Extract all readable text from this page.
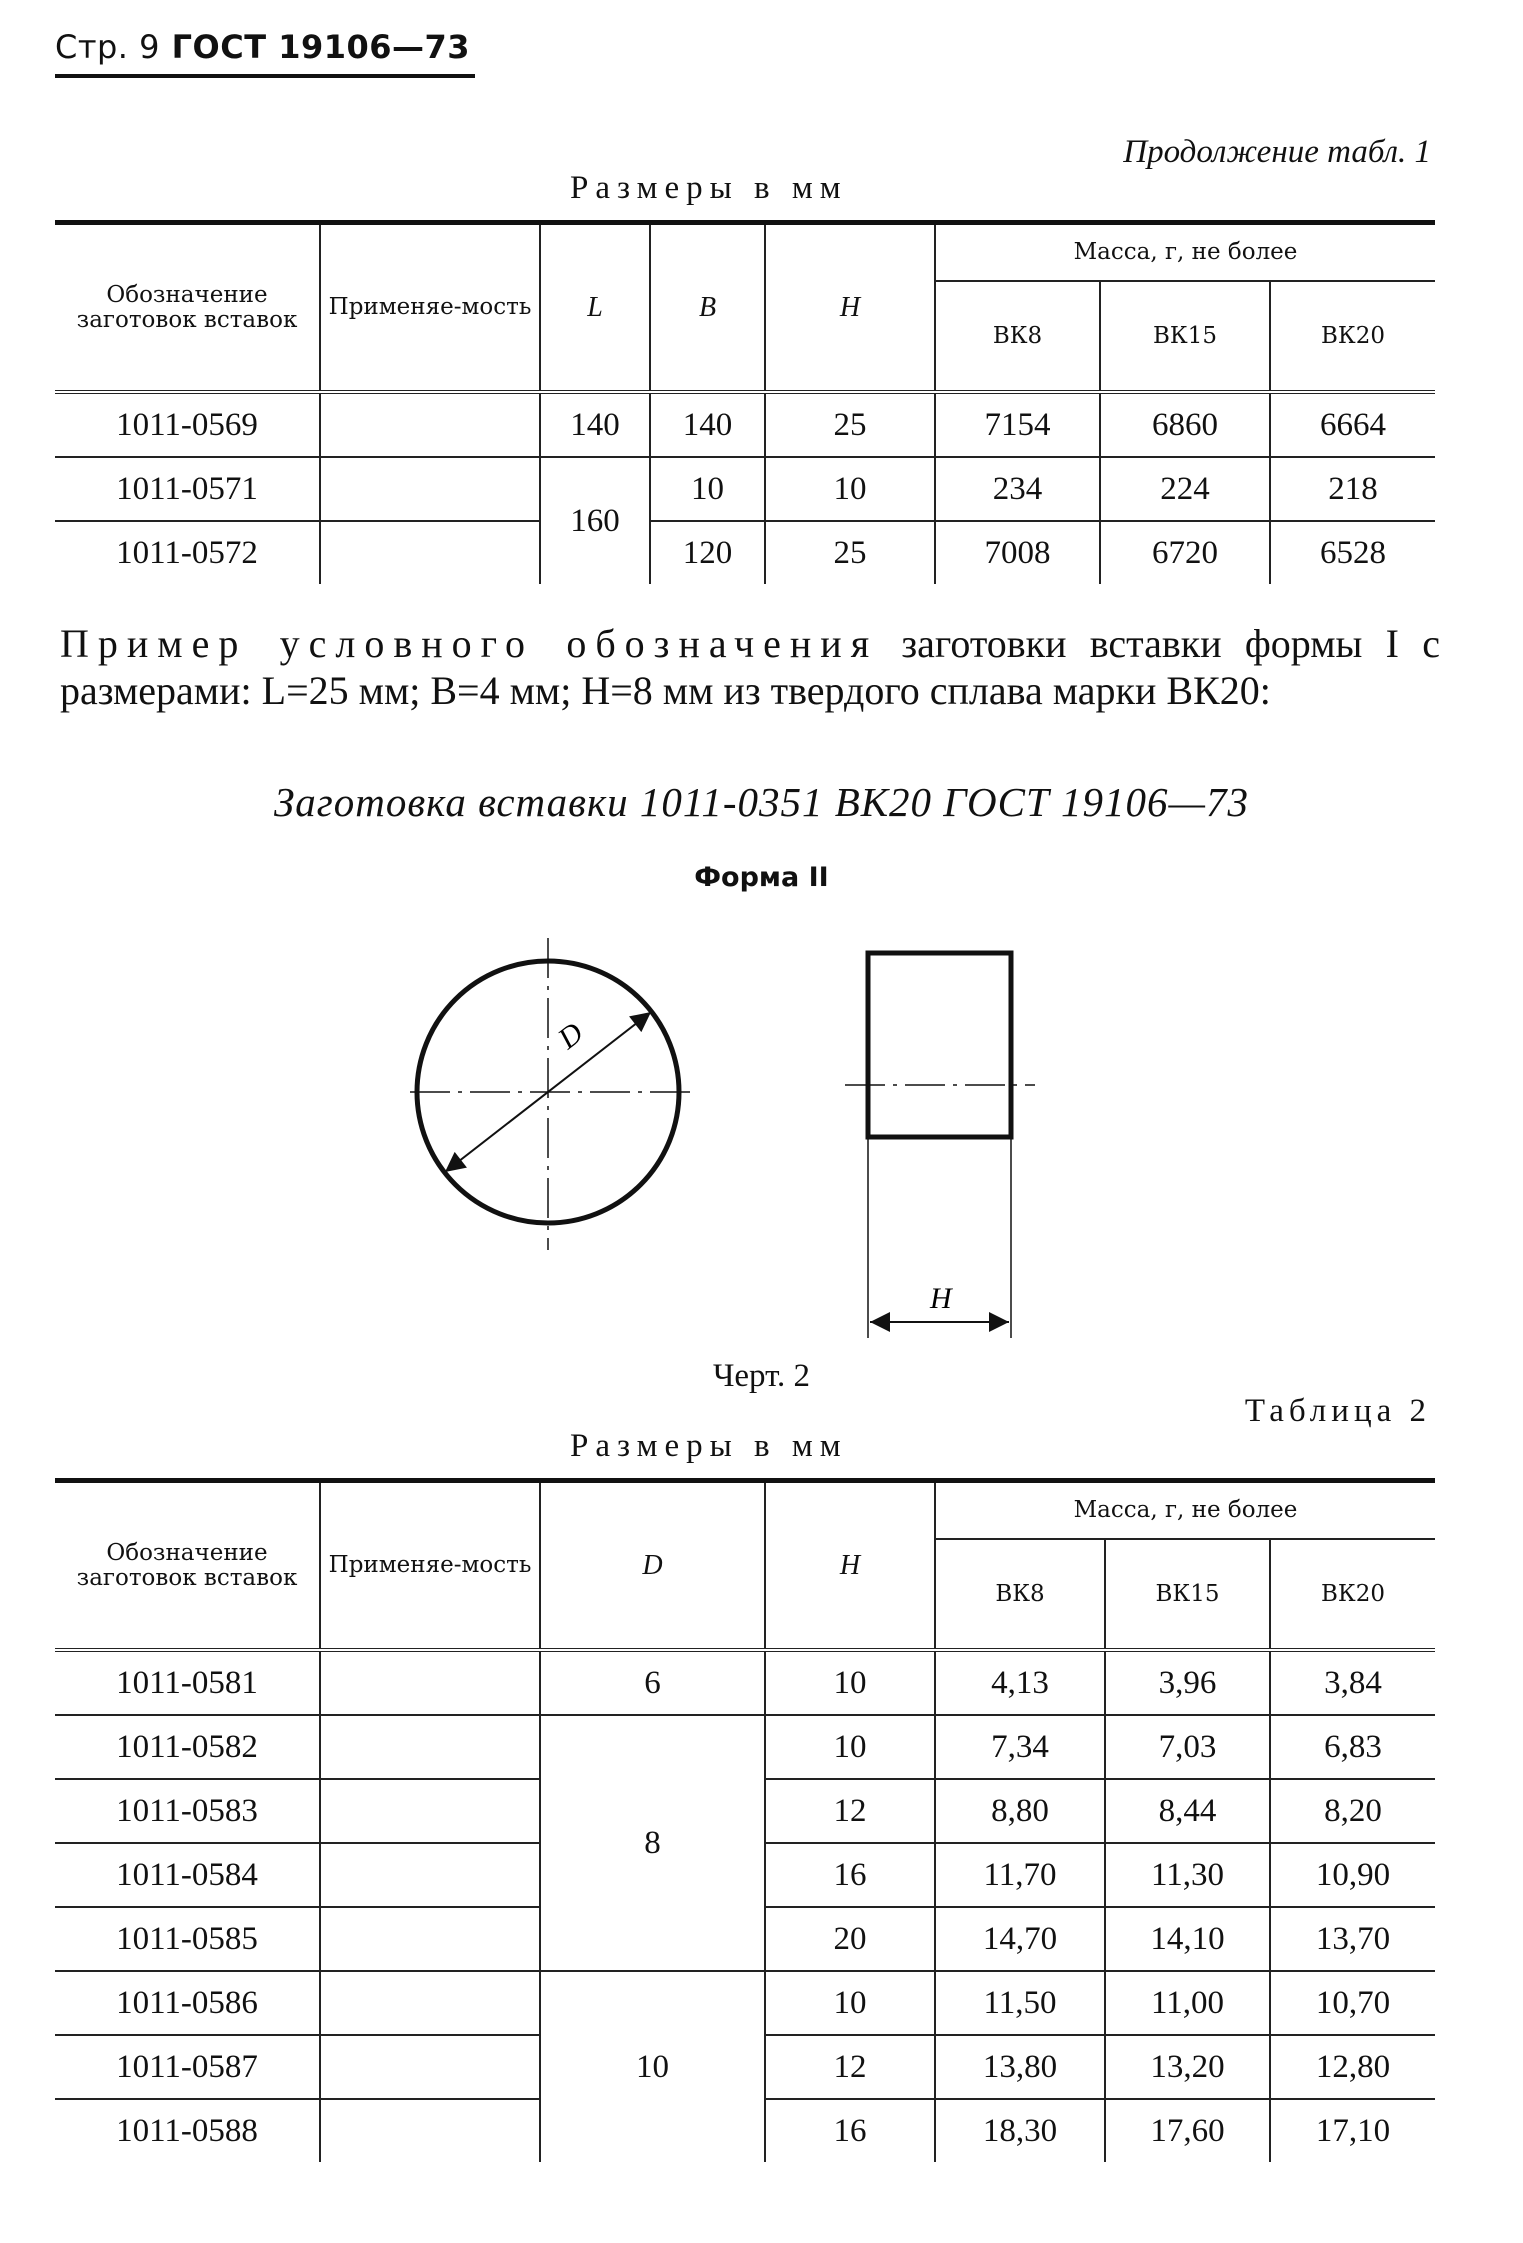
Стр. 9 ГОСТ 19106—73
Продолжение табл. 1
Размеры в мм
Обозначение заготовок вставок	Применяе-мость	L	B	H	Масса, г, не более		
					ВК8	ВК15	ВК20
1011-0569		140	140	25	7154	6860	6664
1011-0571		160	10	10	234	224	218
1011-0572			120	25	7008	6720	6528
Пример условного обозначения заготовки вставки формы I с размерами: L=25 мм; B=4 мм; H=8 мм из твердого сплава марки ВК20:
Заготовка вставки 1011-0351 ВК20 ГОСТ 19106—73
Форма II
D
H
Черт. 2
Таблица 2
Размеры в мм
Обозначение заготовок вставок	Применяе-мость	D	H	Масса, г, не более		
				ВК8	ВК15	ВК20
1011-0581		6	10	4,13	3,96	3,84
1011-0582		8	10	7,34	7,03	6,83
1011-0583			12	8,80	8,44	8,20
1011-0584			16	11,70	11,30	10,90
1011-0585			20	14,70	14,10	13,70
1011-0586		10	10	11,50	11,00	10,70
1011-0587			12	13,80	13,20	12,80
1011-0588			16	18,30	17,60	17,10
